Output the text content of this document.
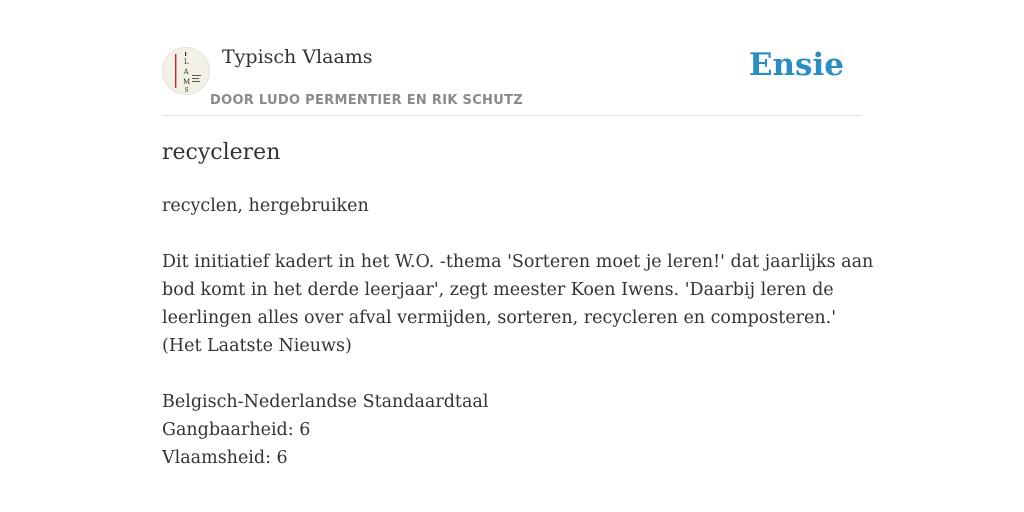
L
A
M
S
Typisch Vlaams
DOOR LUDO PERMENTIER EN RIK SCHUTZ
Ensie
recycleren

recyclen, hergebruiken

Dit initiatief kadert in het W.O. -thema 'Sorteren moet je leren!' dat jaarlijks aan

bod komt in het derde leerjaar', zegt meester Koen Iwens. 'Daarbij leren de

leerlingen alles over afval vermijden, sorteren, recycleren en composteren.'

(Het Laatste Nieuws)

Belgisch-Nederlandse Standaardtaal

Gangbaarheid: 6

Vlaamsheid: 6
